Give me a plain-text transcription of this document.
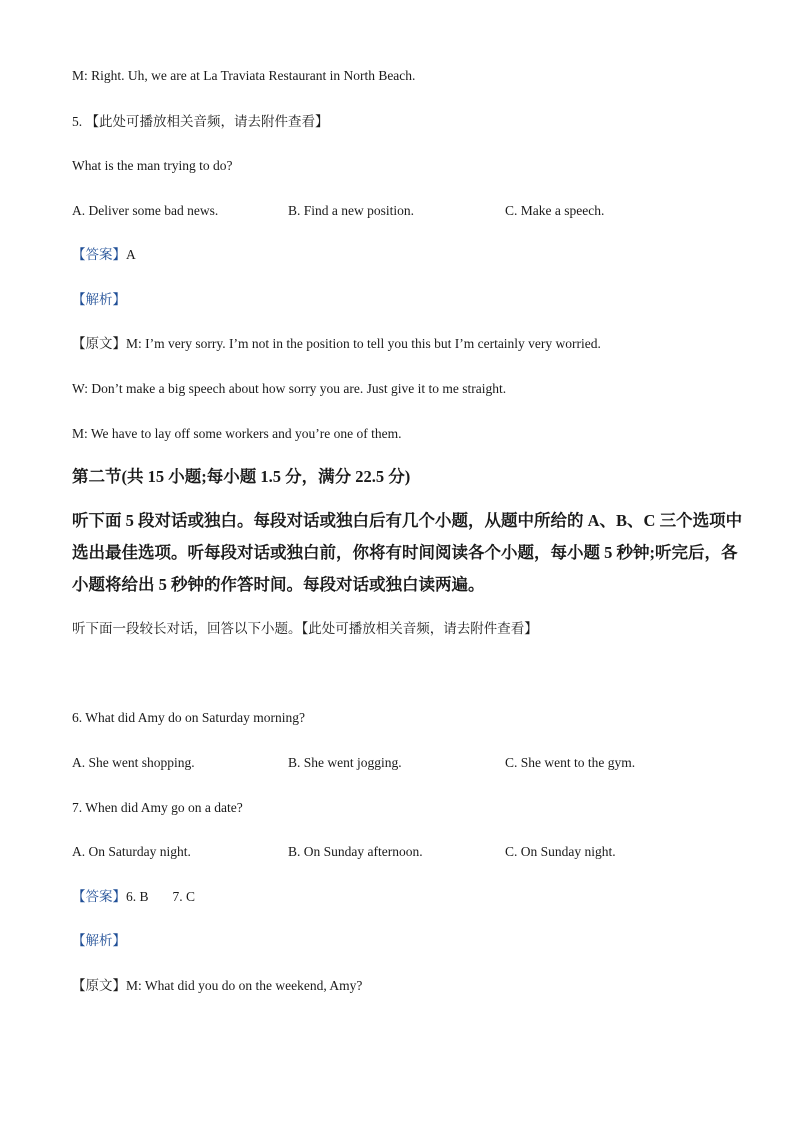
M: Right. Uh, we are at La Traviata Restaurant in North Beach.
5. 【此处可播放相关音频，请去附件查看】
What is the man trying to do?
A. Deliver some bad news.	B. Find a new position.	C. Make a speech.
【答案】A
【解析】
【原文】M: I’m very sorry. I’m not in the position to tell you this but I’m certainly very worried.
W: Don’t make a big speech about how sorry you are. Just give it to me straight.
M: We have to lay off some workers and you’re one of them.
第二节(共 15 小题;每小题 1.5 分，满分 22.5 分)
听下面 5 段对话或独白。每段对话或独白后有几个小题，从题中所给的 A、B、C 三个选项中
选出最佳选项。听每段对话或独白前，你将有时间阅读各个小题，每小题 5 秒钟;听完后，各
小题将给出 5 秒钟的作答时间。每段对话或独白读两遍。
听下面一段较长对话，回答以下小题。【此处可播放相关音频，请去附件查看】
6. What did Amy do on Saturday morning?
A. She went shopping.	B. She went jogging.	C. She went to the gym.
7. When did Amy go on a date?
A. On Saturday night.	B. On Sunday afternoon.	C. On Sunday night.
【答案】6. B 7. C
【解析】
【原文】M: What did you do on the weekend, Amy?
